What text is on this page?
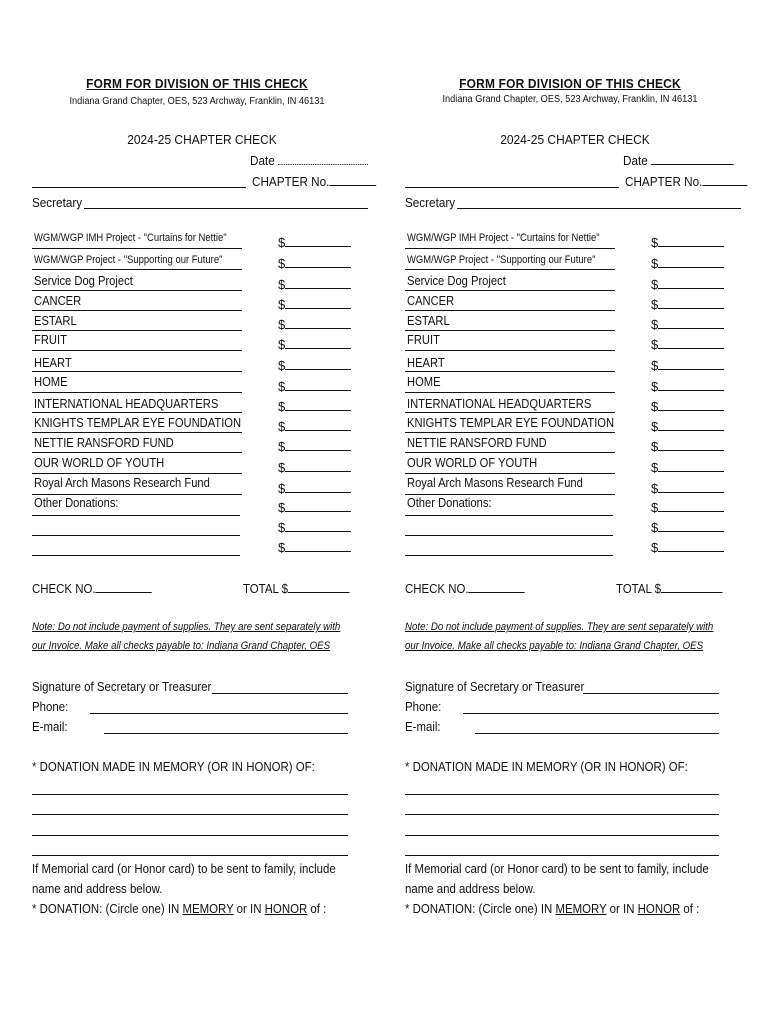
FORM FOR DIVISION OF THIS CHECK
Indiana Grand Chapter, OES, 523 Archway, Franklin, IN 46131
2024-25 CHAPTER CHECK
Date
CHAPTER No.
Secretary
WGM/WGP IMH Project - "Curtains for Nettie"	$
WGM/WGP Project - "Supporting our Future"	$
Service Dog Project	$
CANCER	$
ESTARL	$
FRUIT	$
HEART	$
HOME	$
INTERNATIONAL HEADQUARTERS	$
KNIGHTS TEMPLAR EYE FOUNDATION	$
NETTIE RANSFORD FUND	$
OUR WORLD OF YOUTH	$
Royal Arch Masons Research Fund	$
Other Donations:	$
$
$
CHECK NO.	TOTAL $
Note: Do not include payment of supplies. They are sent separately with
our Invoice. Make all checks payable to: Indiana Grand Chapter, OES
Signature of Secretary or Treasurer
Phone:
E-mail:
* DONATION MADE IN MEMORY (OR IN HONOR) OF:
If Memorial card (or Honor card) to be sent to family, include
name and address below.
* DONATION: (Circle one) IN MEMORY or IN HONOR of :
FORM FOR DIVISION OF THIS CHECK
Indiana Grand Chapter, OES, 523 Archway, Franklin, IN 46131
2024-25 CHAPTER CHECK
Date
CHAPTER No.
Secretary
WGM/WGP IMH Project - "Curtains for Nettie"	$
WGM/WGP Project - "Supporting our Future"	$
Service Dog Project	$
CANCER	$
ESTARL	$
FRUIT	$
HEART	$
HOME	$
INTERNATIONAL HEADQUARTERS	$
KNIGHTS TEMPLAR EYE FOUNDATION	$
NETTIE RANSFORD FUND	$
OUR WORLD OF YOUTH	$
Royal Arch Masons Research Fund	$
Other Donations:	$
$
$
CHECK NO.	TOTAL $
Note: Do not include payment of supplies. They are sent separately with
our Invoice. Make all checks payable to: Indiana Grand Chapter, OES
Signature of Secretary or Treasurer
Phone:
E-mail:
* DONATION MADE IN MEMORY (OR IN HONOR) OF:
If Memorial card (or Honor card) to be sent to family, include
name and address below.
* DONATION: (Circle one) IN MEMORY or IN HONOR of :
